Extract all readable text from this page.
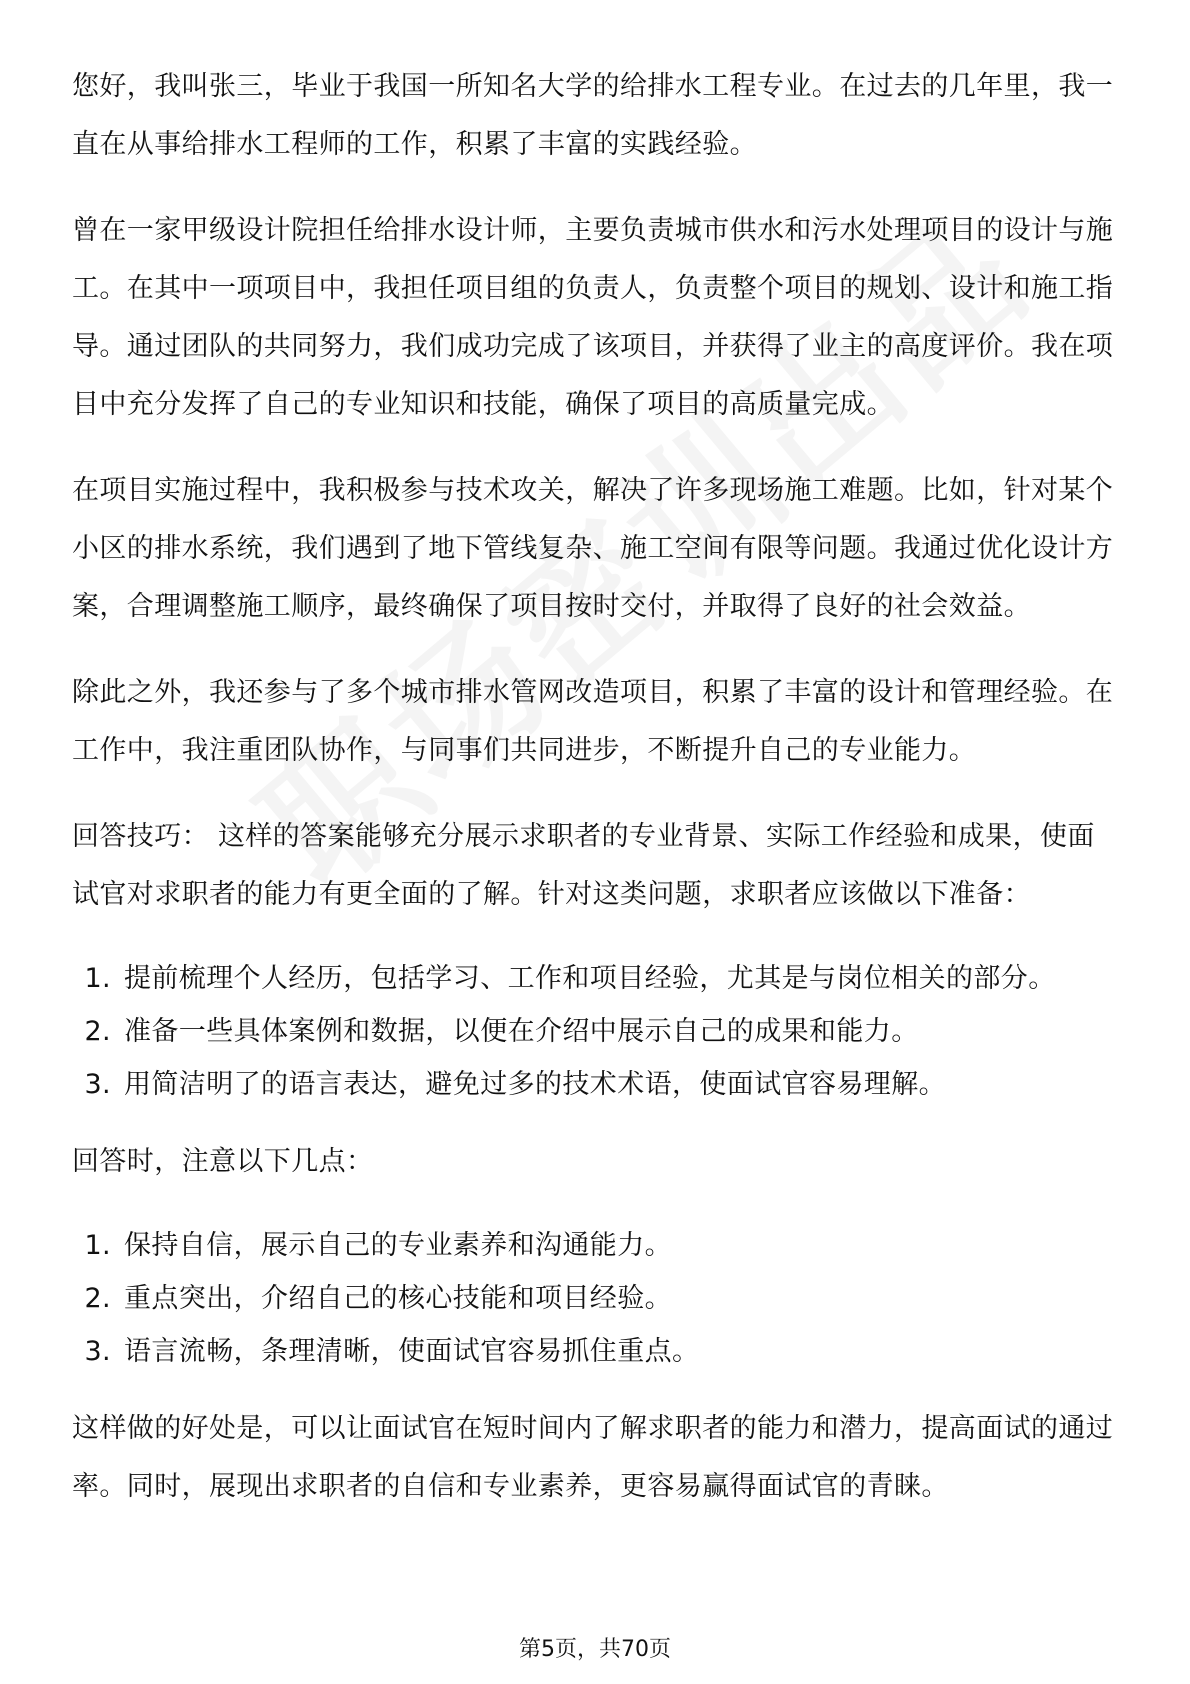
您好，我叫张三，毕业于我国一所知名大学的给排水工程专业。在过去的几年里，我一直在从事给排水工程师的工作，积累了丰富的实践经验。

曾在一家甲级设计院担任给排水设计师，主要负责城市供水和污水处理项目的设计与施工。在其中一项项目中，我担任项目组的负责人，负责整个项目的规划、设计和施工指导。通过团队的共同努力，我们成功完成了该项目，并获得了业主的高度评价。我在项目中充分发挥了自己的专业知识和技能，确保了项目的高质量完成。

在项目实施过程中，我积极参与技术攻关，解决了许多现场施工难题。比如，针对某个小区的排水系统，我们遇到了地下管线复杂、施工空间有限等问题。我通过优化设计方案，合理调整施工顺序，最终确保了项目按时交付，并取得了良好的社会效益。

除此之外，我还参与了多个城市排水管网改造项目，积累了丰富的设计和管理经验。在工作中，我注重团队协作，与同事们共同进步，不断提升自己的专业能力。

回答技巧： 这样的答案能够充分展示求职者的专业背景、实际工作经验和成果，使面试官对求职者的能力有更全面的了解。针对这类问题，求职者应该做以下准备：

1. 提前梳理个人经历，包括学习、工作和项目经验，尤其是与岗位相关的部分。
2. 准备一些具体案例和数据，以便在介绍中展示自己的成果和能力。
3. 用简洁明了的语言表达，避免过多的技术术语，使面试官容易理解。

回答时，注意以下几点：

1. 保持自信，展示自己的专业素养和沟通能力。
2. 重点突出，介绍自己的核心技能和项目经验。
3. 语言流畅，条理清晰，使面试官容易抓住重点。

这样做的好处是，可以让面试官在短时间内了解求职者的能力和潜力，提高面试的通过率。同时，展现出求职者的自信和专业素养，更容易赢得面试官的青睐。

第5页，共70页
